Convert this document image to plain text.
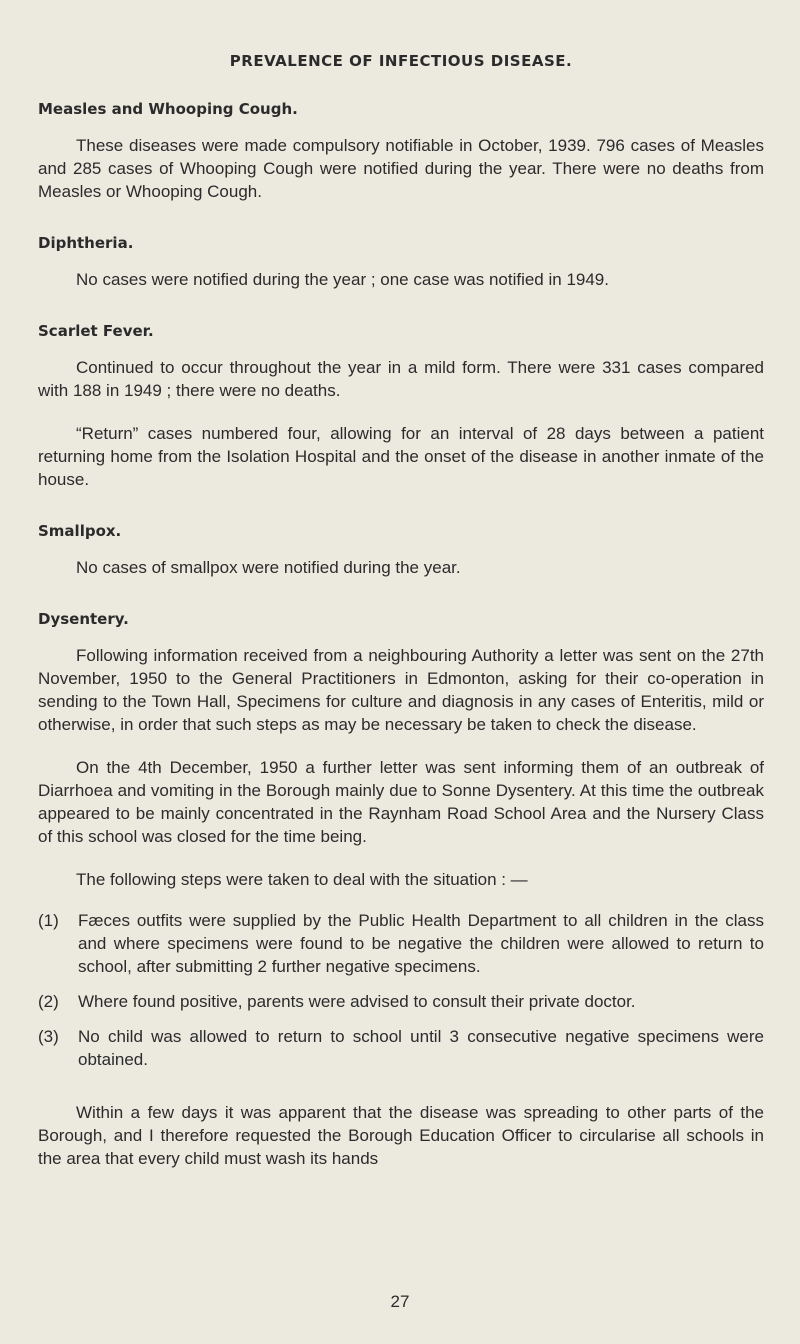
PREVALENCE OF INFECTIOUS DISEASE.
Measles and Whooping Cough.

These diseases were made compulsory notifiable in October, 1939. 796 cases of Measles and 285 cases of Whooping Cough were notified during the year. There were no deaths from Measles or Whooping Cough.

Diphtheria.

No cases were notified during the year ; one case was notified in 1949.

Scarlet Fever.

Continued to occur throughout the year in a mild form. There were 331 cases compared with 188 in 1949 ; there were no deaths.

“Return” cases numbered four, allowing for an interval of 28 days between a patient returning home from the Isolation Hospital and the onset of the disease in another inmate of the house.

Smallpox.

No cases of smallpox were notified during the year.

Dysentery.

Following information received from a neighbouring Authority a letter was sent on the 27th November, 1950 to the General Practitioners in Edmonton, asking for their co-operation in sending to the Town Hall, Specimens for culture and diagnosis in any cases of Enteritis, mild or otherwise, in order that such steps as may be necessary be taken to check the disease.

On the 4th December, 1950 a further letter was sent informing them of an outbreak of Diarrhoea and vomiting in the Borough mainly due to Sonne Dysentery. At this time the outbreak appeared to be mainly concentrated in the Raynham Road School Area and the Nursery Class of this school was closed for the time being.

The following steps were taken to deal with the situation : —

(1)	Fæces outfits were supplied by the Public Health Department to all children in the class and where specimens were found to be negative the children were allowed to return to school, after submitting 2 further negative specimens.
(2)	Where found positive, parents were advised to consult their private doctor.
(3)	No child was allowed to return to school until 3 consecutive negative specimens were obtained.

Within a few days it was apparent that the disease was spreading to other parts of the Borough, and I therefore requested the Borough Education Officer to circularise all schools in the area that every child must wash its hands

27
